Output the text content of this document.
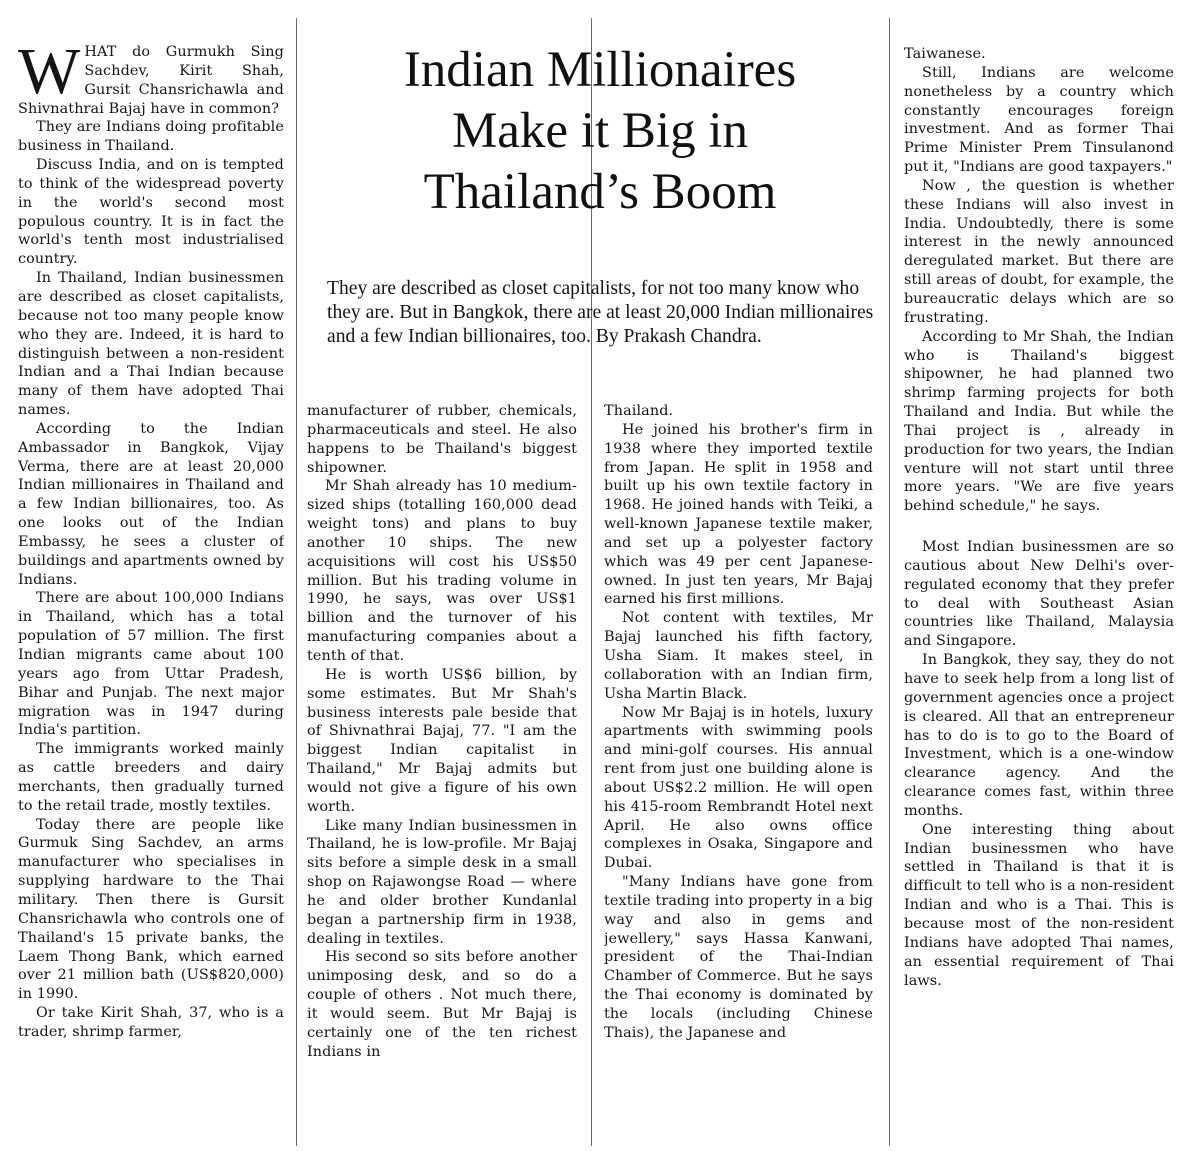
W HAT do Gurmukh Sing Sachdev, Kirit Shah, Gursit Chansrichawla and Shivnathrai Bajaj have in common?

They are Indians doing profitable business in Thailand.

Discuss India, and on is tempted to think of the widespread poverty in the world's second most populous country. It is in fact the world's tenth most industrialised country.

In Thailand, Indian businessmen are described as closet capitalists, because not too many people know who they are. Indeed, it is hard to distinguish between a non-resident Indian and a Thai Indian because many of them have adopted Thai names.

According to the Indian Ambassador in Bangkok, Vijay Verma, there are at least 20,000 Indian millionaires in Thailand and a few Indian billionaires, too. As one looks out of the Indian Embassy, he sees a cluster of buildings and apartments owned by Indians.

There are about 100,000 Indians in Thailand, which has a total population of 57 million. The first Indian migrants came about 100 years ago from Uttar Pradesh, Bihar and Punjab. The next major migration was in 1947 during India's partition.

The immigrants worked mainly as cattle breeders and dairy merchants, then gradually turned to the retail trade, mostly textiles.

Today there are people like Gurmuk Sing Sachdev, an arms manufacturer who specialises in supplying hardware to the Thai military. Then there is Gursit Chansrichawla who controls one of Thailand's 15 private banks, the Laem Thong Bank, which earned over 21 million bath (US$820,000) in 1990.

Or take Kirit Shah, 37, who is a trader, shrimp farmer,

Indian Millionaires
Make it Big in
Thailand’s Boom
They are described as closet capitalists, for not too many know who they are. But in Bangkok, there are at least 20,000 Indian millionaires and a few Indian billionaires, too. By Prakash Chandra.

manufacturer of rubber, chemicals, pharmaceuticals and steel. He also happens to be Thailand's biggest shipowner.

Mr Shah already has 10 medium-sized ships (totalling 160,000 dead weight tons) and plans to buy another 10 ships. The new acquisitions will cost his US$50 million. But his trading volume in 1990, he says, was over US$1 billion and the turnover of his manufacturing companies about a tenth of that.

He is worth US$6 billion, by some estimates. But Mr Shah's business interests pale beside that of Shivnathrai Bajaj, 77. "I am the biggest Indian capitalist in Thailand," Mr Bajaj admits but would not give a figure of his own worth.

Like many Indian businessmen in Thailand, he is low-profile. Mr Bajaj sits before a simple desk in a small shop on Rajawongse Road — where he and older brother Kundanlal began a partnership firm in 1938, dealing in textiles.

His second so sits before another unimposing desk, and so do a couple of others . Not much there, it would seem. But Mr Bajaj is certainly one of the ten richest Indians in

Thailand.

He joined his brother's firm in 1938 where they imported textile from Japan. He split in 1958 and built up his own textile factory in 1968. He joined hands with Teiki, a well-known Japanese textile maker, and set up a polyester factory which was 49 per cent Japanese-owned. In just ten years, Mr Bajaj earned his first millions.

Not content with textiles, Mr Bajaj launched his fifth factory, Usha Siam. It makes steel, in collaboration with an Indian firm, Usha Martin Black.

Now Mr Bajaj is in hotels, luxury apartments with swimming pools and mini-golf courses. His annual rent from just one building alone is about US$2.2 million. He will open his 415-room Rembrandt Hotel next April. He also owns office complexes in Osaka, Singapore and Dubai.

"Many Indians have gone from textile trading into property in a big way and also in gems and jewellery," says Hassa Kanwani, president of the Thai-Indian Chamber of Commerce. But he says the Thai economy is dominated by the locals (including Chinese Thais), the Japanese and

Taiwanese.

Still, Indians are welcome nonetheless by a country which constantly encourages foreign investment. And as former Thai Prime Minister Prem Tinsulanond put it, "Indians are good taxpayers."

Now , the question is whether these Indians will also invest in India. Undoubtedly, there is some interest in the newly announced deregulated market. But there are still areas of doubt, for example, the bureaucratic delays which are so frustrating.

According to Mr Shah, the Indian who is Thailand's biggest shipowner, he had planned two shrimp farming projects for both Thailand and India. But while the Thai project is , already in production for two years, the Indian venture will not start until three more years. "We are five years behind schedule," he says.

Most Indian businessmen are so cautious about New Delhi's over-regulated economy that they prefer to deal with Southeast Asian countries like Thailand, Malaysia and Singapore.

In Bangkok, they say, they do not have to seek help from a long list of government agencies once a project is cleared. All that an entrepreneur has to do is to go to the Board of Investment, which is a one-window clearance agency. And the clearance comes fast, within three months.

One interesting thing about Indian businessmen who have settled in Thailand is that it is difficult to tell who is a non-resident Indian and who is a Thai. This is because most of the non-resident Indians have adopted Thai names, an essential requirement of Thai laws.
